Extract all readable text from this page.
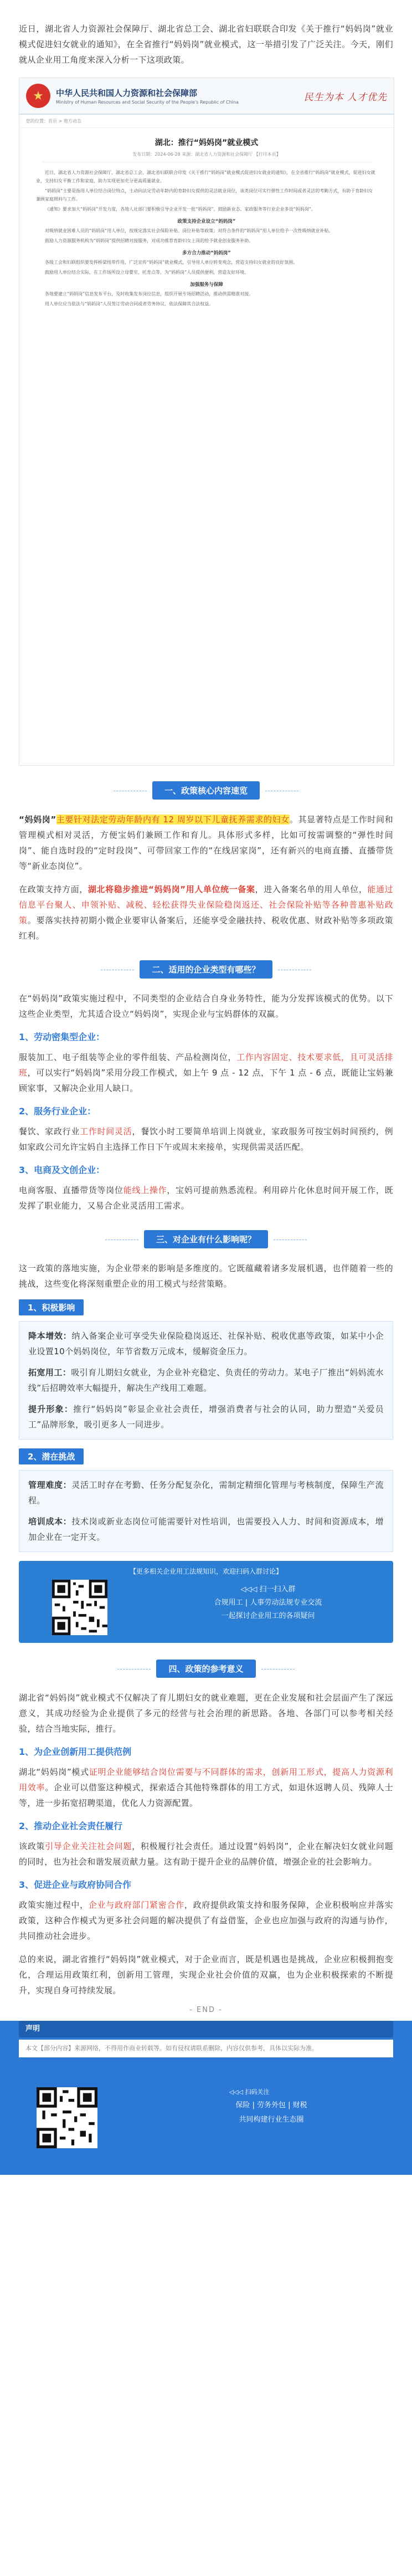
近日，湖北省人力资源社会保障厅、湖北省总工会、湖北省妇联联合印发《关于推行“妈妈岗”就业模式促进妇女就业的通知》，在全省推行“妈妈岗”就业模式，这一举措引发了广泛关注。今天，刚们就从企业用工角度来深入分析一下这项政策。

★	中华人民共和国人力资源和社会保障部
Ministry of Human Resources and Social Security of the People's Republic of China	民生为本 人才优先
您的位置：首页 > 地方动态
湖北：推行“妈妈岗”就业模式
发布日期：2024-06-28 来源：湖北省人力资源和社会保障厅 【打印本页】

近日，湖北省人力资源社会保障厅、湖北省总工会、湖北省妇联联合印发《关于推行“妈妈岗”就业模式促进妇女就业的通知》，在全省推行“妈妈岗”就业模式，促进妇女就业，支持妇女平衡工作和家庭，助力实现更加充分更高质量就业。

“妈妈岗”主要是指用人单位结合岗位特点，主动向法定劳动年龄内的育龄妇女提供的灵活就业岗位，该类岗位可实行弹性工作时间或者灵活的考勤方式，有助于育龄妇女兼顾家庭照料与工作。

《通知》要求加大“妈妈岗”开发力度，各地人社部门要积极引导企业开发一批“妈妈岗”，鼓励新业态、家政服务等行业企业多设“妈妈岗”。

政策支持企业设立“妈妈岗”

对吸纳就业困难人员的“妈妈岗”用人单位，按规定落实社会保险补贴、岗位补贴等政策；对符合条件的“妈妈岗”用人单位给予一次性吸纳就业补贴。

鼓励人力资源服务机构为“妈妈岗”提供招聘对接服务，对成功推荐育龄妇女上岗的给予就业创业服务补助。

多方合力推动“妈妈岗”

各级工会和妇联组织要发挥桥梁纽带作用，广泛宣传“妈妈岗”就业模式，引导用人单位转变观念，营造支持妇女就业的良好氛围。

鼓励用人单位结合实际，在工作场所设立母婴室、托育点等，为“妈妈岗”人员提供便利，营造友好环境。

加强服务与保障

各地要建立“妈妈岗”信息发布平台，及时收集发布岗位信息，组织开展专场招聘活动，推动供需精准对接。

用人单位应当依法与“妈妈岗”人员签订劳动合同或者劳务协议，依法保障其合法权益。

一、政策核心内容速览

“妈妈岗”主要针对法定劳动年龄内有 12 周岁以下儿童抚养需求的妇女。其显著特点是工作时间和管理模式相对灵活，方便宝妈们兼顾工作和育儿。具体形式多样，比如可按需调整的“弹性时间岗”、能自选时段的“定时段岗”、可带回家工作的“在线居家岗”，还有新兴的电商直播、直播带货等“新业态岗位”。

在政策支持方面，湖北将稳步推进“妈妈岗”用人单位统一备案，进入备案名单的用人单位，能通过信息平台聚人、申领补贴、减税、轻松获得失业保险稳岗返还、社会保险补贴等各种普惠补贴政策。要落实扶持初期小微企业要审认备案后，还能享受金融扶持、税收优惠、财政补贴等多项政策红利。

二、适用的企业类型有哪些？

在“妈妈岗”政策实施过程中，不同类型的企业结合自身业务特性，能为分发挥该模式的优势。以下这些企业类型，尤其适合设立“妈妈岗”，实现企业与宝妈群体的双赢。

1、劳动密集型企业：

服装加工、电子组装等企业的零件组装、产品检测岗位，工作内容固定、技术要求低，且可灵活排班，可以实行“妈妈岗”采用分段工作模式，如上午 9 点 - 12 点，下午 1 点 - 6 点，既能让宝妈兼顾家事，又解决企业用人缺口。

2、服务行业企业：

餐饮、家政行业工作时间灵活，餐饮小时工要简单培训上岗就业，家政服务可按宝妈时间预约，例如家政公司允许宝妈自主选择工作日下午或周末来接单，实现供需灵活匹配。

3、电商及文创企业：

电商客服、直播带货等岗位能线上操作，宝妈可提前熟悉流程。利用碎片化休息时间开展工作，既发挥了职业能力，又易合企业灵活用工需求。

三、对企业有什么影响呢？

这一政策的落地实施，为企业带来的影响是多维度的。它既蕴藏着诸多发展机遇，也伴随着一些的挑战，这些变化将深刻重塑企业的用工模式与经营策略。

1、积极影响

降本增效：纳入备案企业可享受失业保险稳岗返还、社保补贴、税收优惠等政策，如某中小企业设置10个妈妈岗位，年节省数万元成本，缓解资金压力。

拓宽用工：吸引育儿期妇女就业，为企业补充稳定、负责任的劳动力。某电子厂推出“妈妈流水线”后招聘效率大幅提升，解决生产线用工难题。

提升形象：推行“妈妈岗”彰显企业社会责任，增强消费者与社会的认同，助力塑造“关爱员工”品牌形象，吸引更多人一同进步。

2、潜在挑战

管理难度：灵活工时存在考勤、任务分配复杂化，需制定精细化管理与考核制度，保障生产流程。

培训成本：技术岗或新业态岗位可能需要针对性培训，也需要投入人力、时间和资源成本，增加企业在一定开支。

【更多相关企业用工法规知识，欢迎扫码入群讨论】
◁◁◁ 扫一扫入群
合规用工 | 人事劳动法规专业交流
一起探讨企业用工的各项疑问
四、政策的参考意义

湖北省“妈妈岗”就业模式不仅解决了育儿期妇女的就业难题，更在企业发展和社会层面产生了深远意义，其成功经验为企业提供了多元的经营与社会治理的新思路。各地、各部门可以参考相关经验，结合当地实际，推行。

1、为企业创新用工提供范例

湖北“妈妈岗”模式证明企业能够结合岗位需要与不同群体的需求，创新用工形式，提高人力资源利用效率。企业可以借鉴这种模式，探索适合其他特殊群体的用工方式，如退休返聘人员、残障人士等，进一步拓宽招聘渠道，优化人力资源配置。

2、推动企业社会责任履行

该政策引导企业关注社会问题，积极履行社会责任。通过设置“妈妈岗”，企业在解决妇女就业问题的同时，也为社会和谐发展贡献力量。这有助于提升企业的品牌价值，增强企业的社会影响力。

3、促进企业与政府协同合作

政策实施过程中，企业与政府部门紧密合作，政府提供政策支持和服务保障，企业积极响应并落实政策，这种合作模式为更多社会问题的解决提供了有益借鉴，企业也应加强与政府的沟通与协作，共同推动社会进步。

总的来说，湖北省推行“妈妈岗”就业模式，对于企业而言，既是机遇也是挑战，企业应积极拥抱变化，合理运用政策红利，创新用工管理，实现企业社会价值的双赢，也为企业积极探索的不断提升，实现自身可持续发展。

- END -
声明
本文【部分内容】来源网络，不得用作商业转载等。如有侵权请联系删除，内容仅供参考，具体以实际为准。
◁◁◁ 扫码关注
保险 | 劳务外包 | 财税
共同构建行业生态圈
